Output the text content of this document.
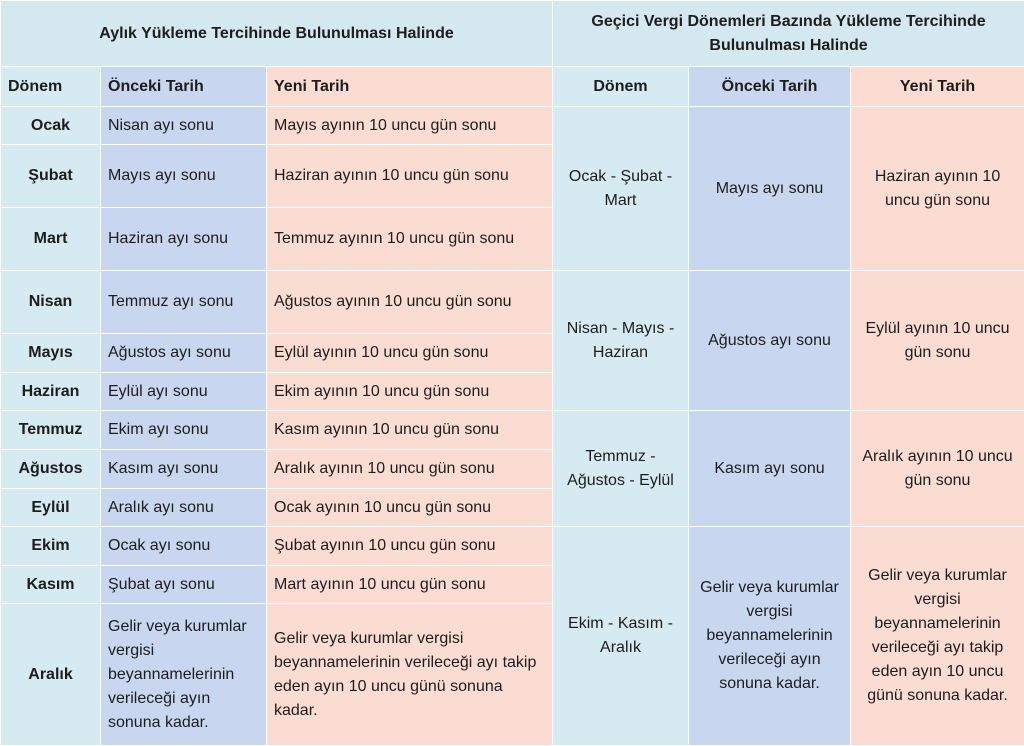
Aylık Yükleme Tercihinde Bulunulması Halinde			Geçici Vergi Dönemleri Bazında Yükleme Tercihinde Bulunulması Halinde		
Dönem	Önceki Tarih	Yeni Tarih	Dönem	Önceki Tarih	Yeni Tarih
Ocak	Nisan ayı sonu	Mayıs ayının 10 uncu gün sonu	Ocak - Şubat - Mart	Mayıs ayı sonu	Haziran ayının 10 uncu gün sonu
Şubat	Mayıs ayı sonu	Haziran ayının 10 uncu gün sonu			
Mart	Haziran ayı sonu	Temmuz ayının 10 uncu gün sonu			
Nisan	Temmuz ayı sonu	Ağustos ayının 10 uncu gün sonu	Nisan - Mayıs - Haziran	Ağustos ayı sonu	Eylül ayının 10 uncu gün sonu
Mayıs	Ağustos ayı sonu	Eylül ayının 10 uncu gün sonu			
Haziran	Eylül ayı sonu	Ekim ayının 10 uncu gün sonu			
Temmuz	Ekim ayı sonu	Kasım ayının 10 uncu gün sonu	Temmuz - Ağustos - Eylül	Kasım ayı sonu	Aralık ayının 10 uncu gün sonu
Ağustos	Kasım ayı sonu	Aralık ayının 10 uncu gün sonu			
Eylül	Aralık ayı sonu	Ocak ayının 10 uncu gün sonu			
Ekim	Ocak ayı sonu	Şubat ayının 10 uncu gün sonu	Ekim - Kasım - Aralık	Gelir veya kurumlar vergisi beyannamelerinin verileceği ayın sonuna kadar.	Gelir veya kurumlar vergisi beyannamelerinin verileceği ayı takip eden ayın 10 uncu günü sonuna kadar.
Kasım	Şubat ayı sonu	Mart ayının 10 uncu gün sonu			
Aralık	Gelir veya kurumlar vergisi beyannamelerinin verileceği ayın sonuna kadar.	Gelir veya kurumlar vergisi beyannamelerinin verileceği ayı takip eden ayın 10 uncu günü sonuna kadar.			
